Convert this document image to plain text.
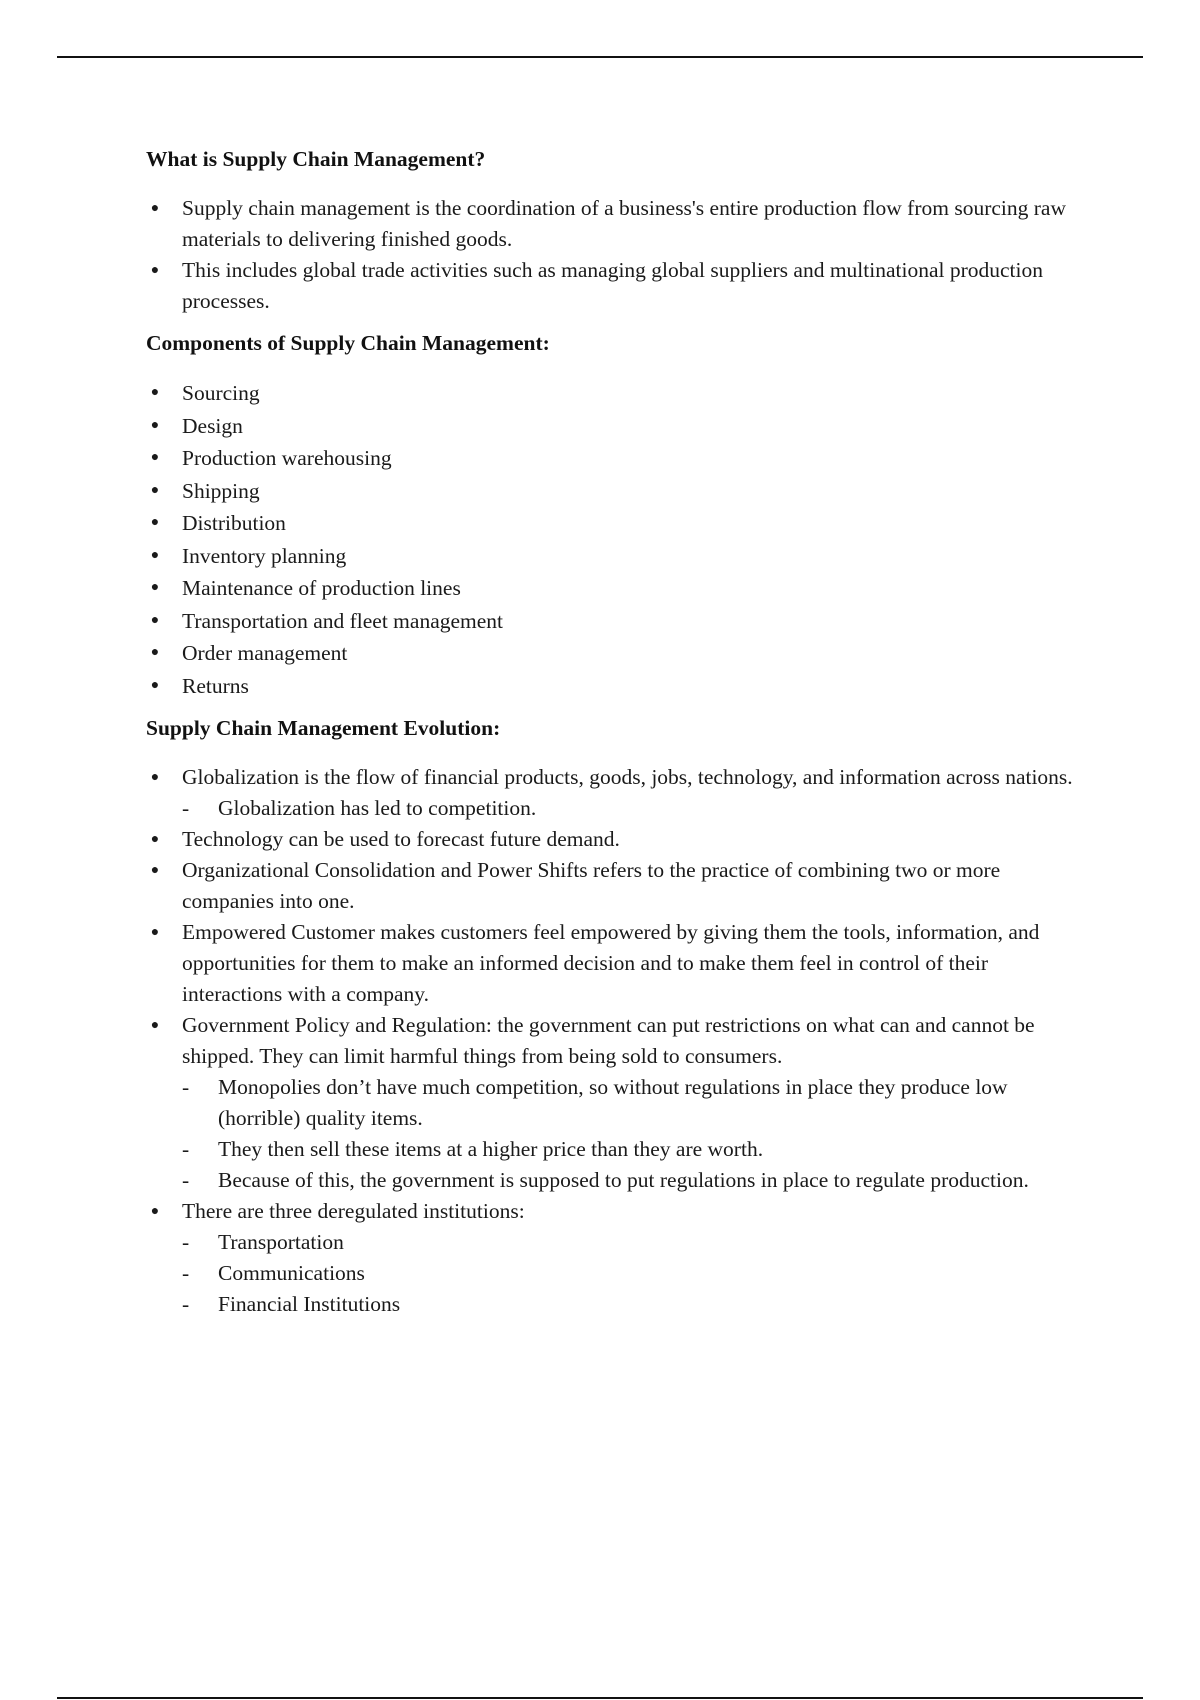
What is Supply Chain Management?
● Supply chain management is the coordination of a business's entire production flow from sourcing raw materials to delivering finished goods.
● This includes global trade activities such as managing global suppliers and multinational production processes.
Components of Supply Chain Management:
● Sourcing
● Design
● Production warehousing
● Shipping
● Distribution
● Inventory planning
● Maintenance of production lines
● Transportation and fleet management
● Order management
● Returns
Supply Chain Management Evolution:
● Globalization is the flow of financial products, goods, jobs, technology, and information across nations.
- Globalization has led to competition.
● Technology can be used to forecast future demand.
● Organizational Consolidation and Power Shifts refers to the practice of combining two or more companies into one.
● Empowered Customer makes customers feel empowered by giving them the tools, information, and opportunities for them to make an informed decision and to make them feel in control of their interactions with a company.
● Government Policy and Regulation: the government can put restrictions on what can and cannot be shipped. They can limit harmful things from being sold to consumers.
- Monopolies don’t have much competition, so without regulations in place they produce low (horrible) quality items.
- They then sell these items at a higher price than they are worth.
- Because of this, the government is supposed to put regulations in place to regulate production.
● There are three deregulated institutions:
- Transportation
- Communications
- Financial Institutions
